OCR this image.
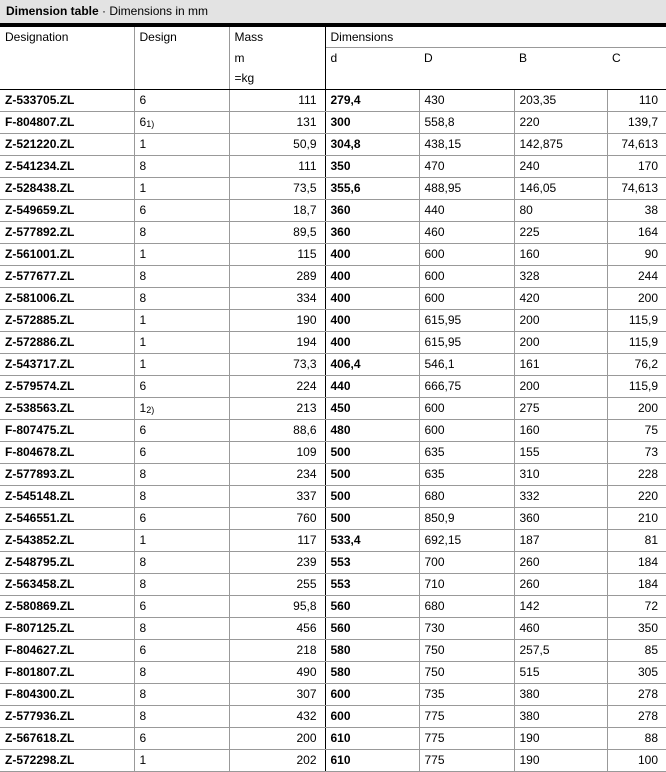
Dimension table · Dimensions in mm
Designation	Design	Mass	Dimensions			
		m	d	D	B	C
		=kg				
Z-533705.ZL	6	111	279,4	430	203,35	110
F-804807.ZL	61)	131	300	558,8	220	139,7
Z-521220.ZL	1	50,9	304,8	438,15	142,875	74,613
Z-541234.ZL	8	111	350	470	240	170
Z-528438.ZL	1	73,5	355,6	488,95	146,05	74,613
Z-549659.ZL	6	18,7	360	440	80	38
Z-577892.ZL	8	89,5	360	460	225	164
Z-561001.ZL	1	115	400	600	160	90
Z-577677.ZL	8	289	400	600	328	244
Z-581006.ZL	8	334	400	600	420	200
Z-572885.ZL	1	190	400	615,95	200	115,9
Z-572886.ZL	1	194	400	615,95	200	115,9
Z-543717.ZL	1	73,3	406,4	546,1	161	76,2
Z-579574.ZL	6	224	440	666,75	200	115,9
Z-538563.ZL	12)	213	450	600	275	200
F-807475.ZL	6	88,6	480	600	160	75
F-804678.ZL	6	109	500	635	155	73
Z-577893.ZL	8	234	500	635	310	228
Z-545148.ZL	8	337	500	680	332	220
Z-546551.ZL	6	760	500	850,9	360	210
Z-543852.ZL	1	117	533,4	692,15	187	81
Z-548795.ZL	8	239	553	700	260	184
Z-563458.ZL	8	255	553	710	260	184
Z-580869.ZL	6	95,8	560	680	142	72
F-807125.ZL	8	456	560	730	460	350
F-804627.ZL	6	218	580	750	257,5	85
F-801807.ZL	8	490	580	750	515	305
F-804300.ZL	8	307	600	735	380	278
Z-577936.ZL	8	432	600	775	380	278
Z-567618.ZL	6	200	610	775	190	88
Z-572298.ZL	1	202	610	775	190	100
